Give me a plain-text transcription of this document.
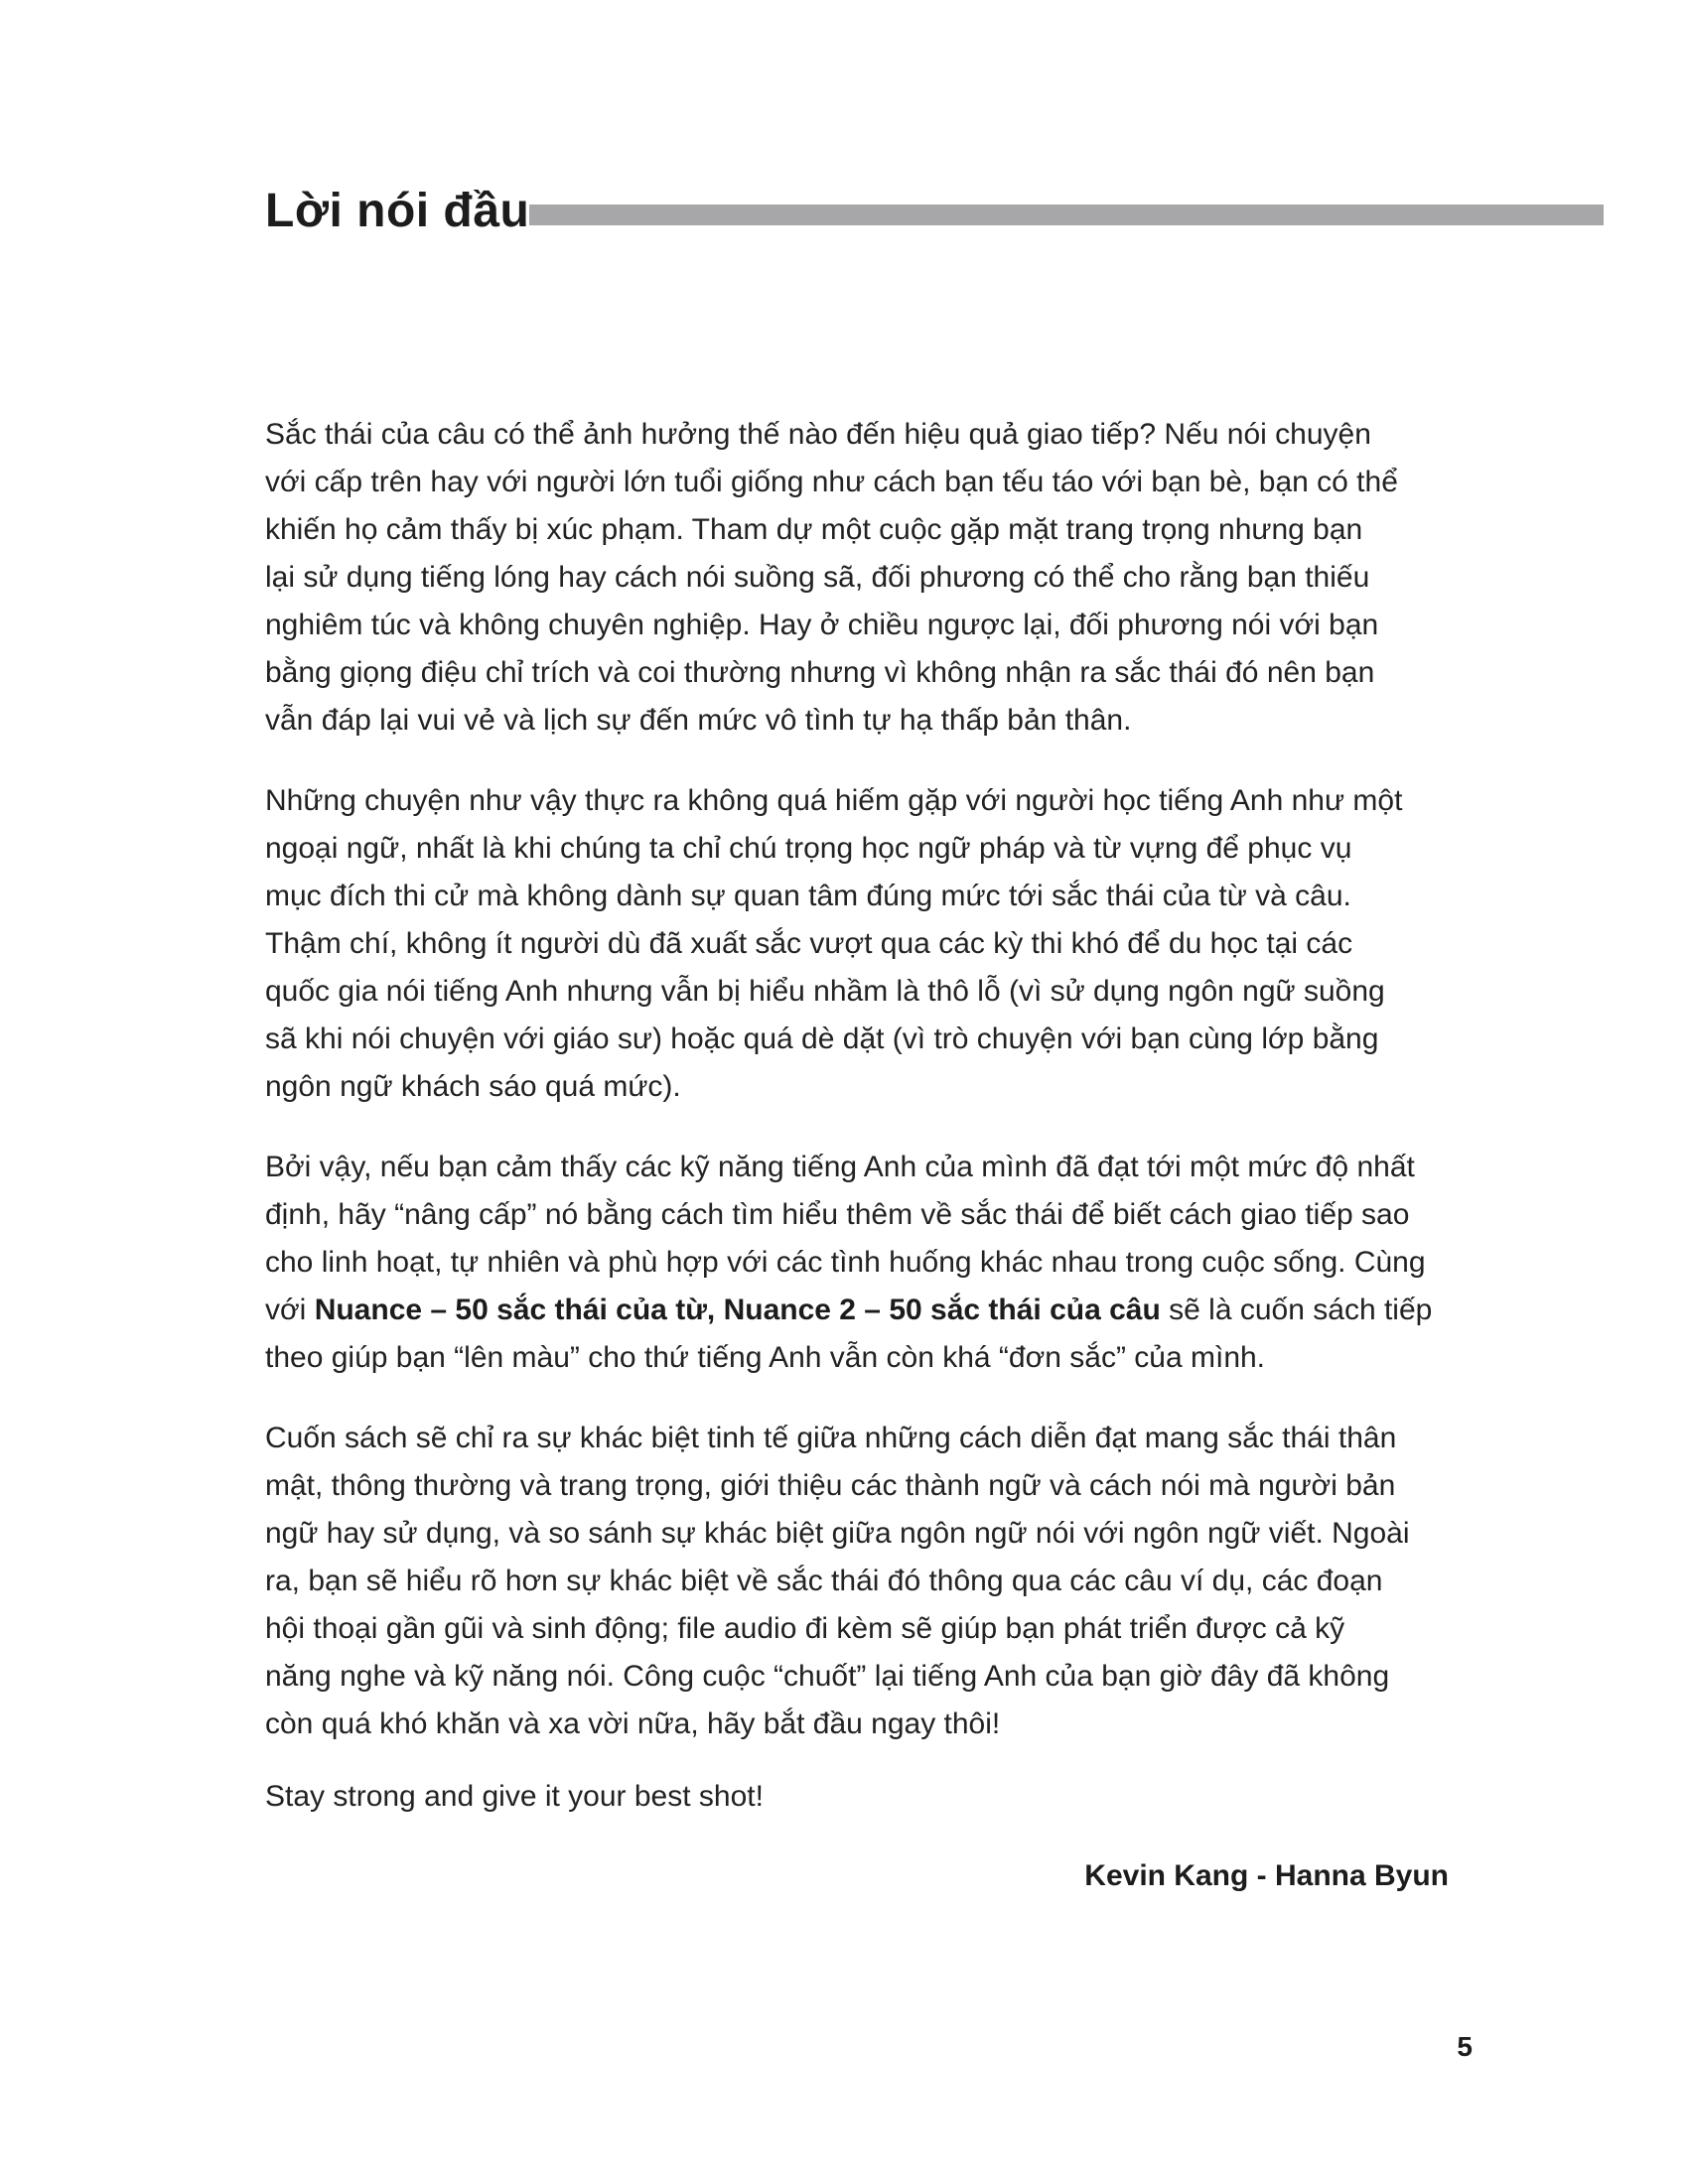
Lời nói đầu

Sắc thái của câu có thể ảnh hưởng thế nào đến hiệu quả giao tiếp? Nếu nói chuyện
với cấp trên hay với người lớn tuổi giống như cách bạn tếu táo với bạn bè, bạn có thể
khiến họ cảm thấy bị xúc phạm. Tham dự một cuộc gặp mặt trang trọng nhưng bạn
lại sử dụng tiếng lóng hay cách nói suồng sã, đối phương có thể cho rằng bạn thiếu
nghiêm túc và không chuyên nghiệp. Hay ở chiều ngược lại, đối phương nói với bạn
bằng giọng điệu chỉ trích và coi thường nhưng vì không nhận ra sắc thái đó nên bạn
vẫn đáp lại vui vẻ và lịch sự đến mức vô tình tự hạ thấp bản thân.

Những chuyện như vậy thực ra không quá hiếm gặp với người học tiếng Anh như một
ngoại ngữ, nhất là khi chúng ta chỉ chú trọng học ngữ pháp và từ vựng để phục vụ
mục đích thi cử mà không dành sự quan tâm đúng mức tới sắc thái của từ và câu.
Thậm chí, không ít người dù đã xuất sắc vượt qua các kỳ thi khó để du học tại các
quốc gia nói tiếng Anh nhưng vẫn bị hiểu nhầm là thô lỗ (vì sử dụng ngôn ngữ suồng
sã khi nói chuyện với giáo sư) hoặc quá dè dặt (vì trò chuyện với bạn cùng lớp bằng
ngôn ngữ khách sáo quá mức).

Bởi vậy, nếu bạn cảm thấy các kỹ năng tiếng Anh của mình đã đạt tới một mức độ nhất
định, hãy “nâng cấp” nó bằng cách tìm hiểu thêm về sắc thái để biết cách giao tiếp sao
cho linh hoạt, tự nhiên và phù hợp với các tình huống khác nhau trong cuộc sống. Cùng
với Nuance – 50 sắc thái của từ, Nuance 2 – 50 sắc thái của câu sẽ là cuốn sách tiếp
theo giúp bạn “lên màu” cho thứ tiếng Anh vẫn còn khá “đơn sắc” của mình.

Cuốn sách sẽ chỉ ra sự khác biệt tinh tế giữa những cách diễn đạt mang sắc thái thân
mật, thông thường và trang trọng, giới thiệu các thành ngữ và cách nói mà người bản
ngữ hay sử dụng, và so sánh sự khác biệt giữa ngôn ngữ nói với ngôn ngữ viết. Ngoài
ra, bạn sẽ hiểu rõ hơn sự khác biệt về sắc thái đó thông qua các câu ví dụ, các đoạn
hội thoại gần gũi và sinh động; file audio đi kèm sẽ giúp bạn phát triển được cả kỹ
năng nghe và kỹ năng nói. Công cuộc “chuốt” lại tiếng Anh của bạn giờ đây đã không
còn quá khó khăn và xa vời nữa, hãy bắt đầu ngay thôi!

Stay strong and give it your best shot!

Kevin Kang - Hanna Byun

5
